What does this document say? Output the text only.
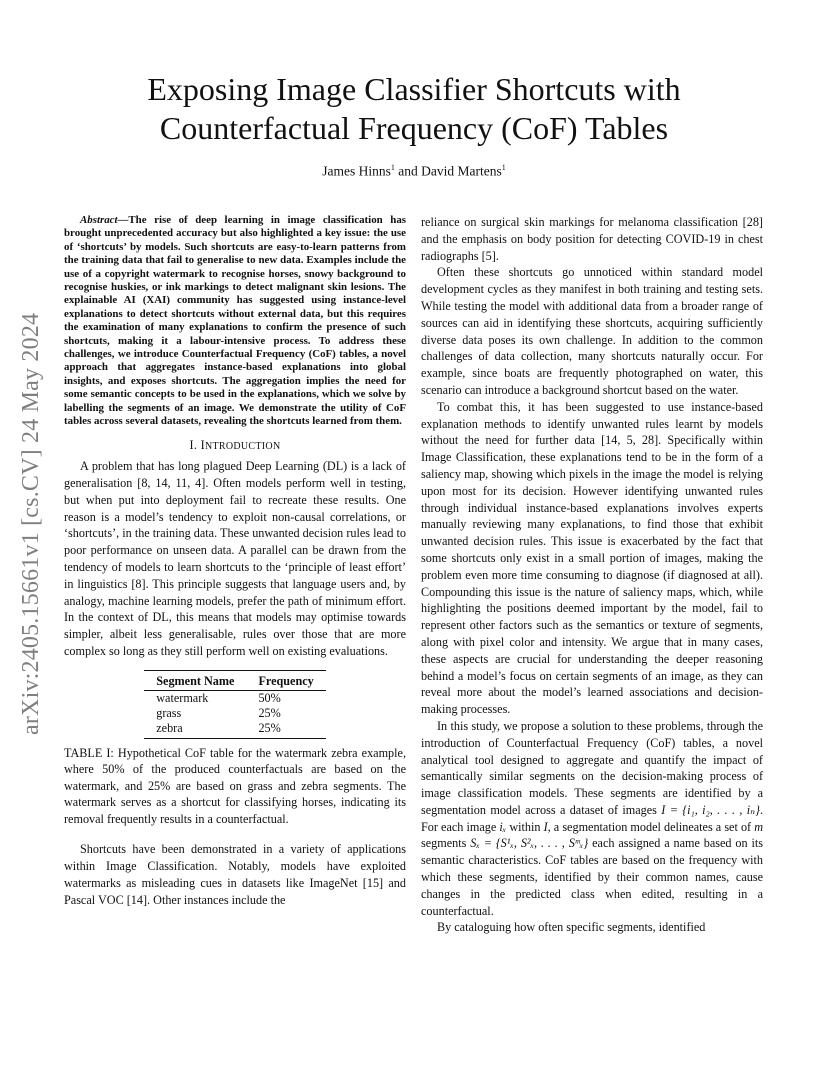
arXiv:2405.15661v1 [cs.CV] 24 May 2024
Exposing Image Classifier Shortcuts with
Counterfactual Frequency (CoF) Tables
James Hinns$^1$ and David Martens$^1$

Abstract—The rise of deep learning in image classification has brought unprecedented accuracy but also highlighted a key issue: the use of ‘shortcuts’ by models. Such shortcuts are easy-to-learn patterns from the training data that fail to generalise to new data. Examples include the use of a copyright watermark to recognise horses, snowy background to recognise huskies, or ink markings to detect malignant skin lesions. The explainable AI (XAI) community has suggested using instance-level explanations to detect shortcuts without external data, but this requires the examination of many explanations to confirm the presence of such shortcuts, making it a labour-intensive process. To address these challenges, we introduce Counterfactual Frequency (CoF) tables, a novel approach that aggregates instance-based explanations into global insights, and exposes shortcuts. The aggregation implies the need for some semantic concepts to be used in the explanations, which we solve by labelling the segments of an image. We demonstrate the utility of CoF tables across several datasets, revealing the shortcuts learned from them.

I. INTRODUCTION

A problem that has long plagued Deep Learning (DL) is a lack of generalisation [8, 14, 11, 4]. Often models perform well in testing, but when put into deployment fail to recreate these results. One reason is a model’s tendency to exploit non-causal correlations, or ‘shortcuts’, in the training data. These unwanted decision rules lead to poor performance on unseen data. A parallel can be drawn from the tendency of models to learn shortcuts to the ‘principle of least effort’ in linguistics [8]. This principle suggests that language users and, by analogy, machine learning models, prefer the path of minimum effort. In the context of DL, this means that models may optimise towards simpler, albeit less generalisable, rules over those that are more complex so long as they still perform well on existing evaluations.

Segment Name	Frequency
watermark	50%
grass	25%
zebra	25%

TABLE I: Hypothetical CoF table for the watermark zebra example, where 50% of the produced counterfactuals are based on the watermark, and 25% are based on grass and zebra segments. The watermark serves as a shortcut for classifying horses, indicating its removal frequently results in a counterfactual.

Shortcuts have been demonstrated in a variety of applications within Image Classification. Notably, models have exploited watermarks as misleading cues in datasets like ImageNet [15] and Pascal VOC [14]. Other instances include the

reliance on surgical skin markings for melanoma classification [28] and the emphasis on body position for detecting COVID-19 in chest radiographs [5].

Often these shortcuts go unnoticed within standard model development cycles as they manifest in both training and testing sets. While testing the model with additional data from a broader range of sources can aid in identifying these shortcuts, acquiring sufficiently diverse data poses its own challenge. In addition to the common challenges of data collection, many shortcuts naturally occur. For example, since boats are frequently photographed on water, this scenario can introduce a background shortcut based on the water.

To combat this, it has been suggested to use instance-based explanation methods to identify unwanted rules learnt by models without the need for further data [14, 5, 28]. Specifically within Image Classification, these explanations tend to be in the form of a saliency map, showing which pixels in the image the model is relying upon most for its decision. However identifying unwanted rules through individual instance-based explanations involves experts manually reviewing many explanations, to find those that exhibit unwanted decision rules. This issue is exacerbated by the fact that some shortcuts only exist in a small portion of images, making the problem even more time consuming to diagnose (if diagnosed at all). Compounding this issue is the nature of saliency maps, which, while highlighting the positions deemed important by the model, fail to represent other factors such as the semantics or texture of segments, along with pixel color and intensity. We argue that in many cases, these aspects are crucial for understanding the deeper reasoning behind a model’s focus on certain segments of an image, as they can reveal more about the model’s learned associations and decision-making processes.

In this study, we propose a solution to these problems, through the introduction of Counterfactual Frequency (CoF) tables, a novel analytical tool designed to aggregate and quantify the impact of semantically similar segments on the decision-making process of image classification models. These segments are identified by a segmentation model across a dataset of images I = {i₁, i₂, . . . , iₙ}. For each image iₓ within I, a segmentation model delineates a set of m segments Sₓ = {S¹ₓ, S²ₓ, . . . , Sᵐₓ} each assigned a name based on its semantic characteristics. CoF tables are based on the frequency with which these segments, identified by their common names, cause changes in the predicted class when edited, resulting in a counterfactual.

By cataloguing how often specific segments, identified
